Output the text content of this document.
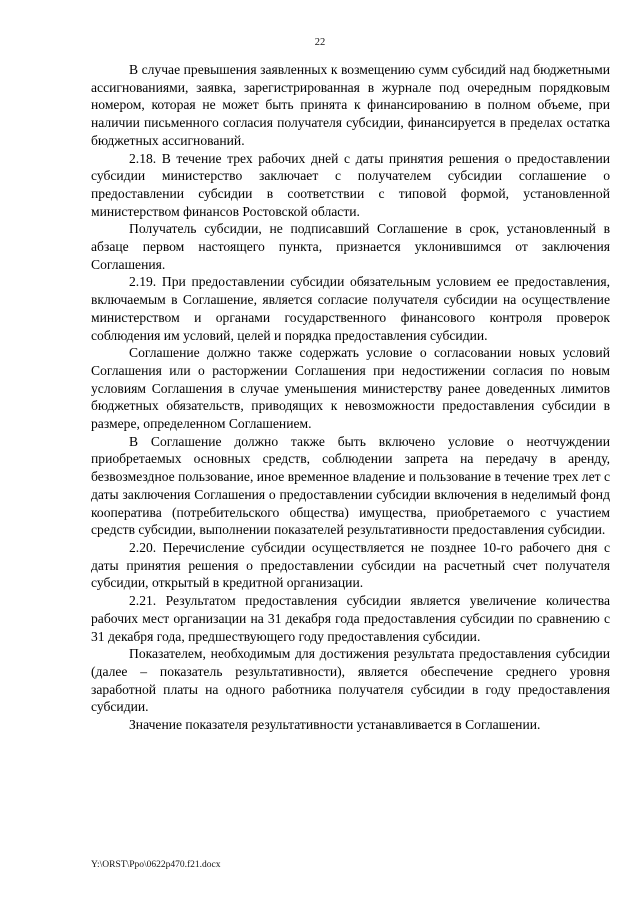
22

В случае превышения заявленных к возмещению сумм субсидий над бюджетными ассигнованиями, заявка, зарегистрированная в журнале под очередным порядковым номером, которая не может быть принята к финансированию в полном объеме, при наличии письменного согласия получателя субсидии, финансируется в пределах остатка бюджетных ассигнований.

2.18. В течение трех рабочих дней с даты принятия решения о предоставлении субсидии министерство заключает с получателем субсидии соглашение о предоставлении субсидии в соответствии с типовой формой, установленной министерством финансов Ростовской области.

Получатель субсидии, не подписавший Соглашение в срок, установленный в абзаце первом настоящего пункта, признается уклонившимся от заключения Соглашения.

2.19. При предоставлении субсидии обязательным условием ее предоставления, включаемым в Соглашение, является согласие получателя субсидии на осуществление министерством и органами государственного финансового контроля проверок соблюдения им условий, целей и порядка предоставления субсидии.

Соглашение должно также содержать условие о согласовании новых условий Соглашения или о расторжении Соглашения при недостижении согласия по новым условиям Соглашения в случае уменьшения министерству ранее доведенных лимитов бюджетных обязательств, приводящих к невозможности предоставления субсидии в размере, определенном Соглашением.

В Соглашение должно также быть включено условие о неотчуждении приобретаемых основных средств, соблюдении запрета на передачу в аренду, безвозмездное пользование, иное временное владение и пользование в течение трех лет с даты заключения Соглашения о предоставлении субсидии включения в неделимый фонд кооператива (потребительского общества) имущества, приобретаемого с участием средств субсидии, выполнении показателей результативности предоставления субсидии.

2.20. Перечисление субсидии осуществляется не позднее 10-го рабочего дня с даты принятия решения о предоставлении субсидии на расчетный счет получателя субсидии, открытый в кредитной организации.

2.21. Результатом предоставления субсидии является увеличение количества рабочих мест организации на 31 декабря года предоставления субсидии по сравнению с 31 декабря года, предшествующего году предоставления субсидии.

Показателем, необходимым для достижения результата предоставления субсидии (далее – показатель результативности), является обеспечение среднего уровня заработной платы на одного работника получателя субсидии в году предоставления субсидии.

Значение показателя результативности устанавливается в Соглашении.

Y:\ORST\Ppo\0622p470.f21.docx
